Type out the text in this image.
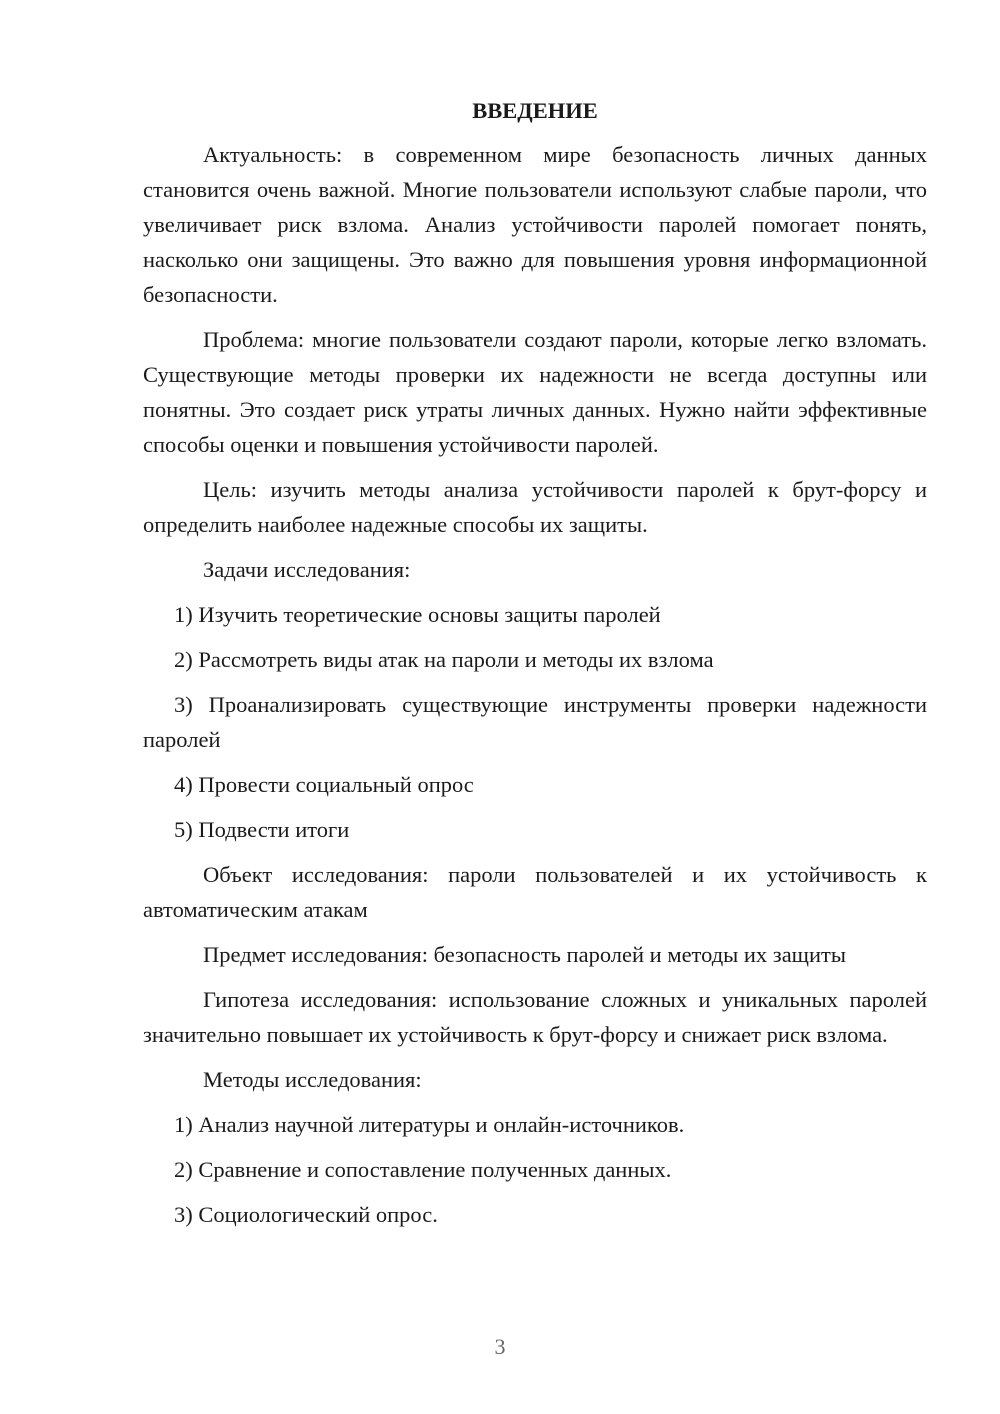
ВВЕДЕНИЕ

Актуальность: в современном мире безопасность личных данных становится очень важной. Многие пользователи используют слабые пароли, что увеличивает риск взлома. Анализ устойчивости паролей помогает понять, насколько они защищены. Это важно для повышения уровня информационной безопасности.

Проблема: многие пользователи создают пароли, которые легко взломать. Существующие методы проверки их надежности не всегда доступны или понятны. Это создает риск утраты личных данных. Нужно найти эффективные способы оценки и повышения устойчивости паролей.

Цель: изучить методы анализа устойчивости паролей к брут-форсу и определить наиболее надежные способы их защиты.

Задачи исследования:

1) Изучить теоретические основы защиты паролей

2) Рассмотреть виды атак на пароли и методы их взлома

3) Проанализировать существующие инструменты проверки надежности паролей

4) Провести социальный опрос

5) Подвести итоги

Объект исследования: пароли пользователей и их устойчивость к автоматическим атакам

Предмет исследования: безопасность паролей и методы их защиты

Гипотеза исследования: использование сложных и уникальных паролей значительно повышает их устойчивость к брут-форсу и снижает риск взлома.

Методы исследования:

1) Анализ научной литературы и онлайн-источников.

2) Сравнение и сопоставление полученных данных.

3) Социологический опрос.

3
